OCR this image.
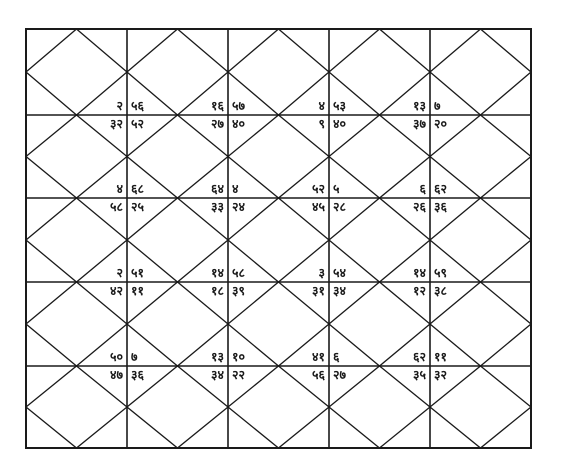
२ ५६
३२ ५२
१६ ५७
२७ ४०
४ ५३
९ ४०
१३ ७
३७ २०
४ ६८
५८ २५
६४ ४
३३ २४
५२ ५
४५ २८
६ ६२
२६ ३६
२ ५१
४२ ११
१४ ५८
१८ ३९
३ ५४
३१ ३४
१४ ५९
१२ ३८
५० ७
४७ ३६
१३ १०
३४ २२
४१ ६
५६ २७
६२ ११
३५ ३२
